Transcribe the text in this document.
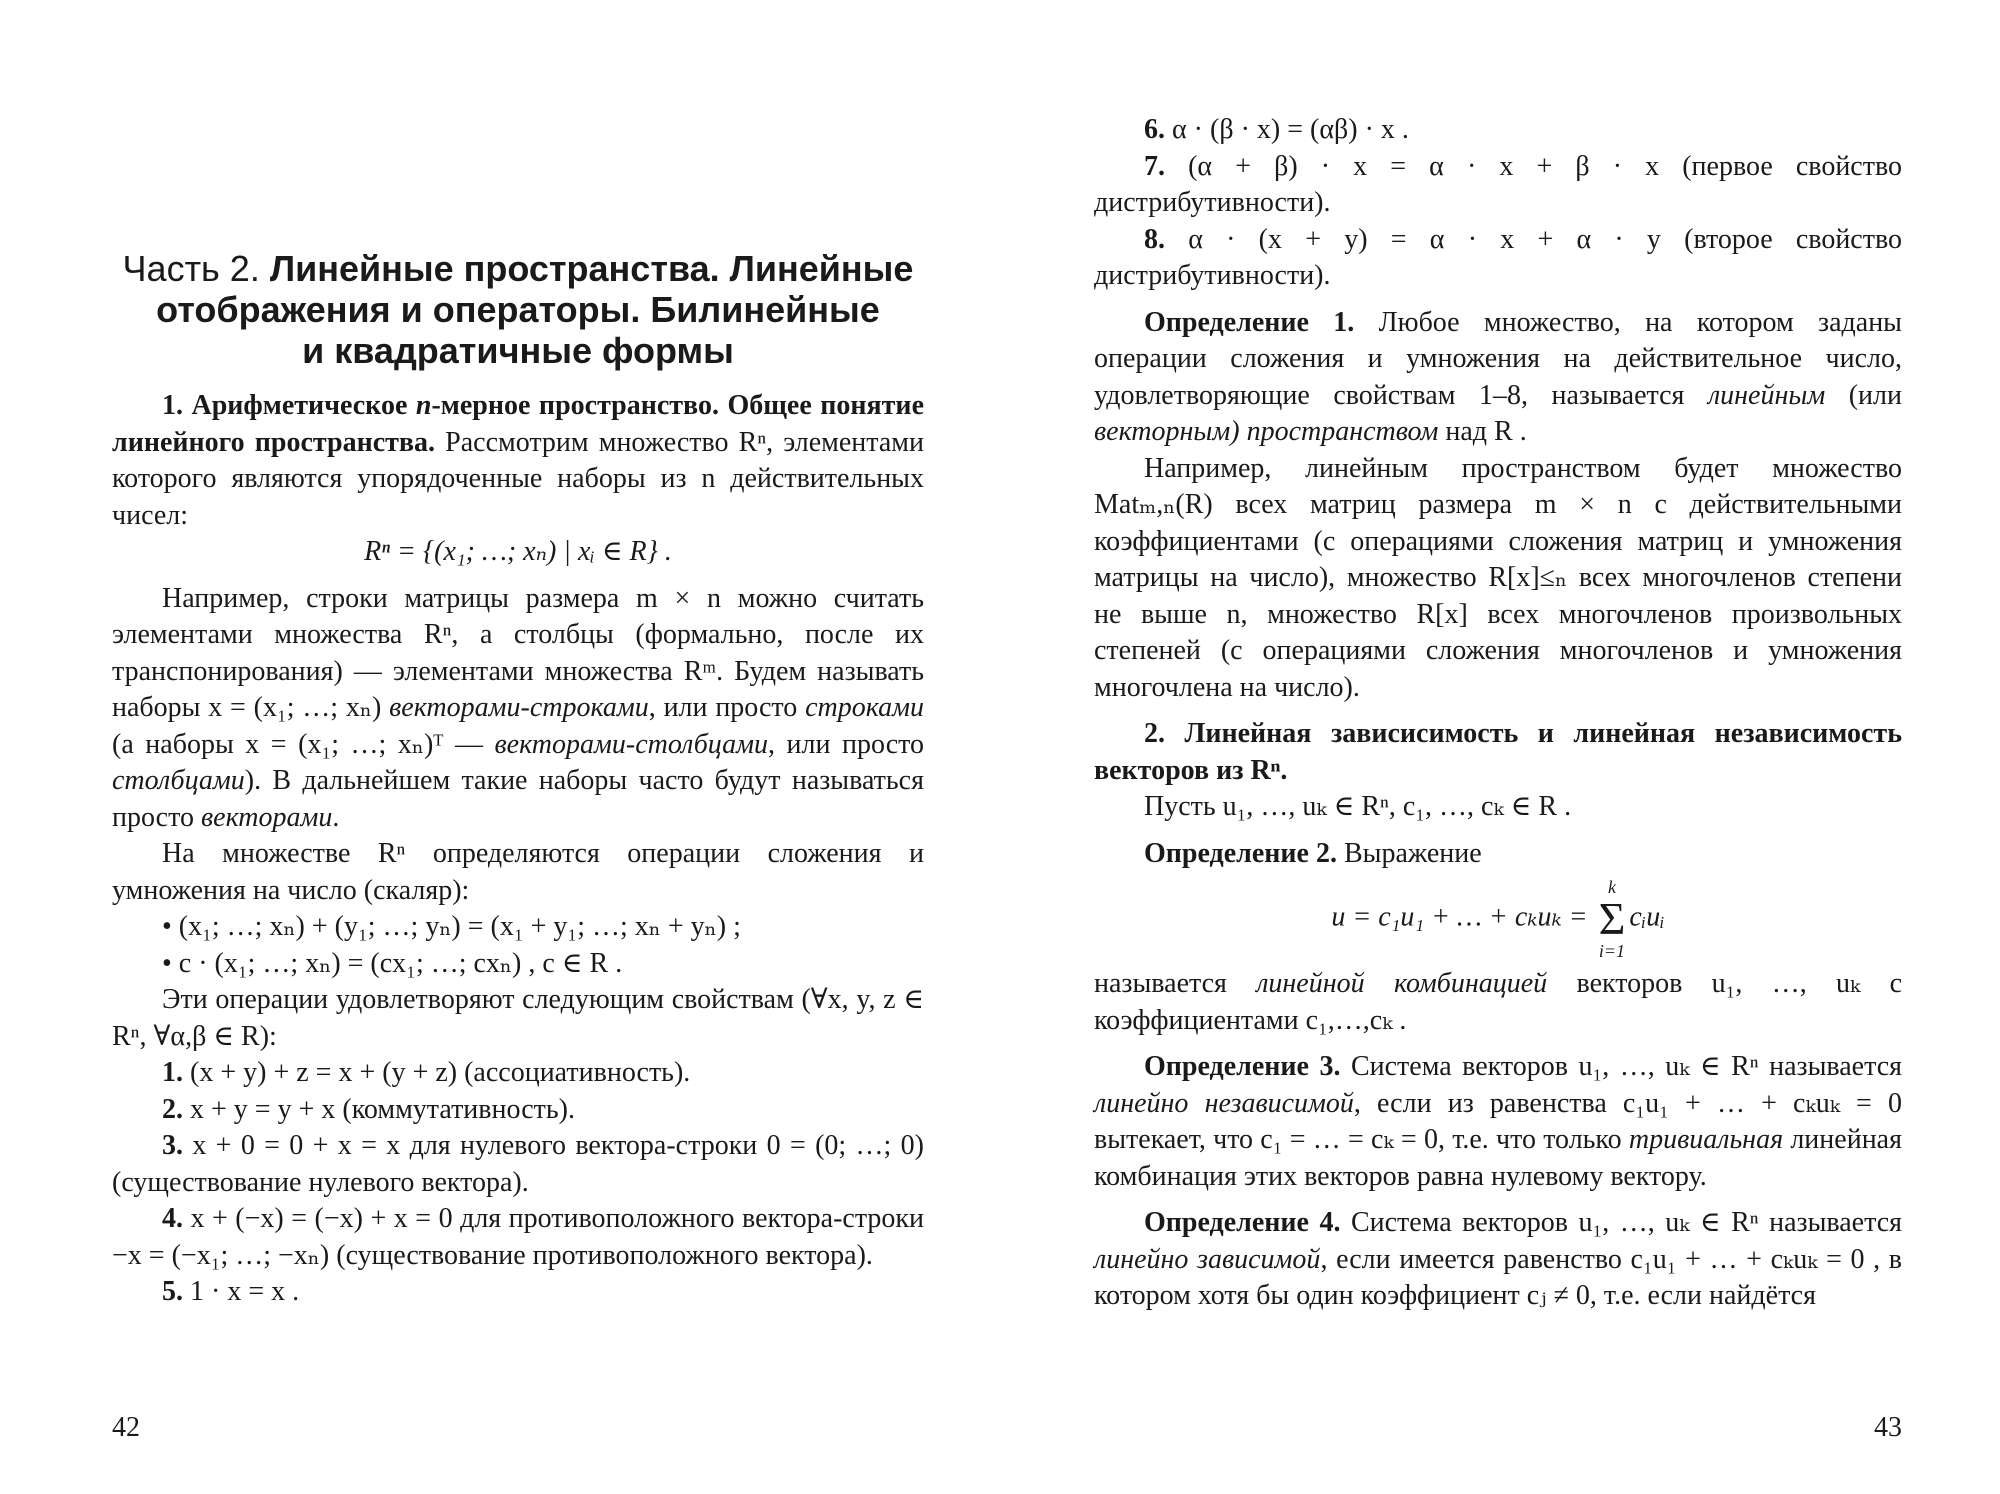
Часть 2. Линейные пространства. Линейные
отображения и операторы. Билинейные
и квадратичные формы

1. Арифметическое n-мерное пространство. Общее понятие линейного пространства. Рассмотрим множество Rⁿ, элементами которого являются упорядоченные наборы из n действительных чисел:

Rⁿ = {(x₁; …; xₙ) | xᵢ ∈ R} .

Например, строки матрицы размера m × n можно считать элементами множества Rⁿ, а столбцы (формально, после их транспонирования) — элементами множества Rᵐ. Будем называть наборы x = (x₁; …; xₙ) векторами-строками, или просто строками (а наборы x = (x₁; …; xₙ)ᵀ — векторами-столбцами, или просто столбцами). В дальнейшем такие наборы часто будут называться просто векторами.

На множестве Rⁿ определяются операции сложения и умножения на число (скаляр):

• (x₁; …; xₙ) + (y₁; …; yₙ) = (x₁ + y₁; …; xₙ + yₙ) ;

• c · (x₁; …; xₙ) = (cx₁; …; cxₙ) , c ∈ R .

Эти операции удовлетворяют следующим свойствам (∀x, y, z ∈ Rⁿ, ∀α,β ∈ R):

1. (x + y) + z = x + (y + z) (ассоциативность).

2. x + y = y + x (коммутативность).

3. x + 0 = 0 + x = x для нулевого вектора-строки 0 = (0; …; 0) (существование нулевого вектора).

4. x + (−x) = (−x) + x = 0 для противоположного вектора-строки −x = (−x₁; …; −xₙ) (существование противоположного вектора).

5. 1 · x = x .

42

6. α · (β · x) = (αβ) · x .

7. (α + β) · x = α · x + β · x (первое свойство дистрибутивности).

8. α · (x + y) = α · x + α · y (второе свойство дистрибутивности).

Определение 1. Любое множество, на котором заданы операции сложения и умножения на действительное число, удовлетворяющие свойствам 1–8, называется линейным (или векторным) пространством над R .

Например, линейным пространством будет множество Matₘ,ₙ(R) всех матриц размера m × n с действительными коэффициентами (с операциями сложения матриц и умножения матрицы на число), множество R[x]≤ₙ всех многочленов степени не выше n, множество R[x] всех многочленов произвольных степеней (с операциями сложения многочленов и умножения многочлена на число).

2. Линейная зависисимость и линейная независимость векторов из Rⁿ.

Пусть u₁, …, uₖ ∈ Rⁿ, c₁, …, cₖ ∈ R .

Определение 2. Выражение

u = c₁u₁ + … + cₖuₖ =
k
Σ
i=1
cᵢuᵢ

называется линейной комбинацией векторов u₁, …, uₖ с коэффициентами c₁,…,cₖ .

Определение 3. Система векторов u₁, …, uₖ ∈ Rⁿ называется линейно независимой, если из равенства c₁u₁ + … + cₖuₖ = 0 вытекает, что c₁ = … = cₖ = 0, т.е. что только тривиальная линейная комбинация этих векторов равна нулевому вектору.

Определение 4. Система векторов u₁, …, uₖ ∈ Rⁿ называется линейно зависимой, если имеется равенство c₁u₁ + … + cₖuₖ = 0 , в котором хотя бы один коэффициент cⱼ ≠ 0, т.е. если найдётся

43
